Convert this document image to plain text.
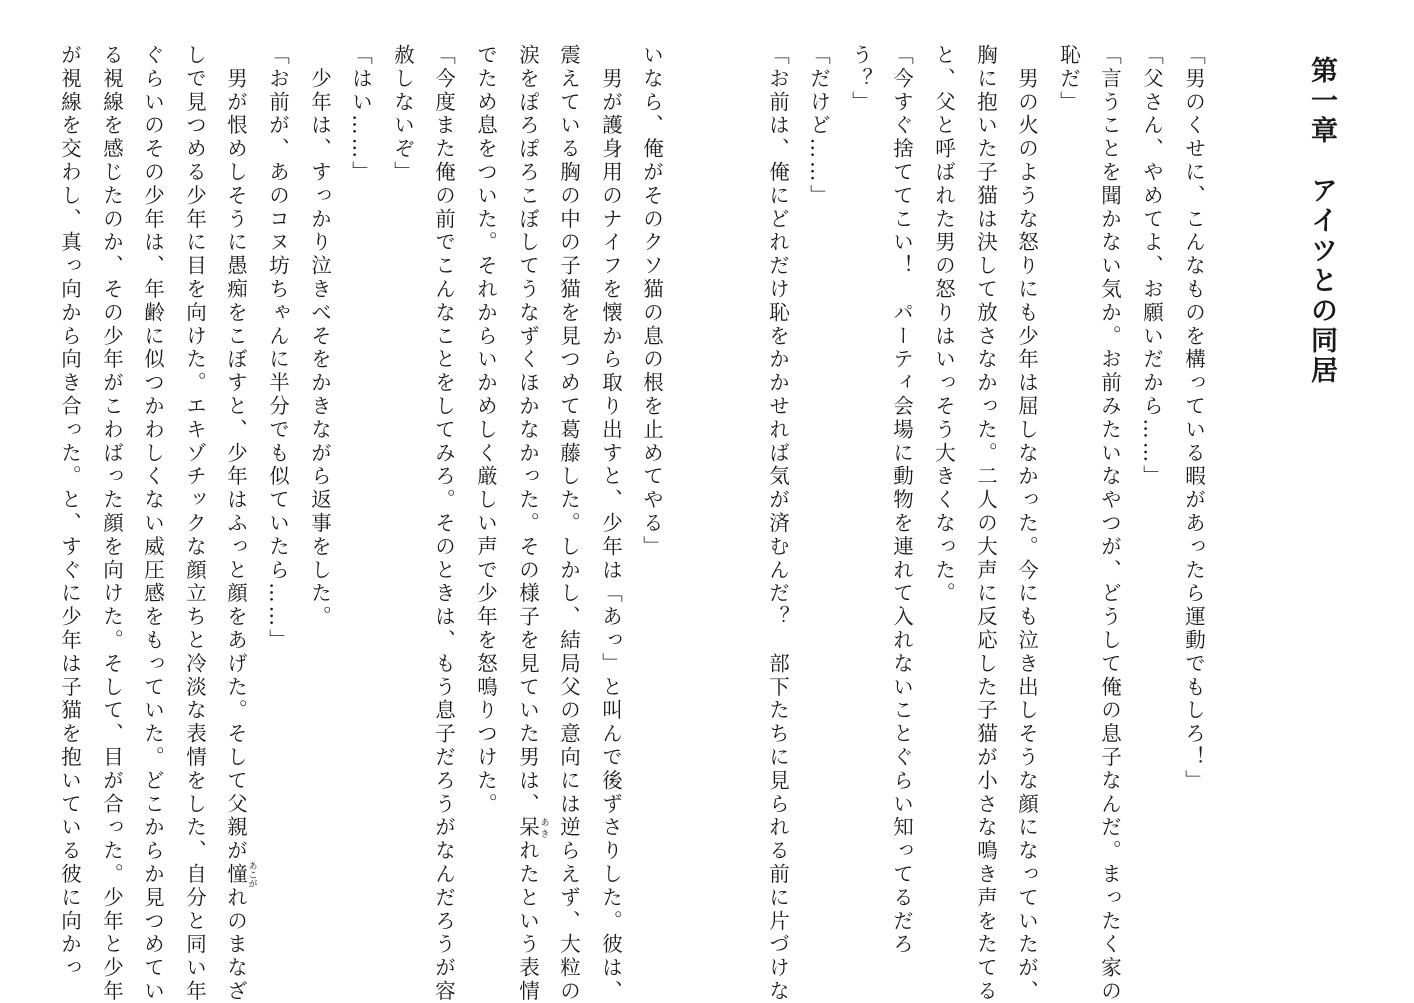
第一章　アイツとの同居
「男のくせに、こんなものを構っている暇があったら運動でもしろ！」
「父さん、やめてよ、お願いだから……」
「言うことを聞かない気か。お前みたいなやつが、どうして俺の息子なんだ。まったく家の
恥だ」
　男の火のような怒りにも少年は屈しなかった。今にも泣き出しそうな顔になっていたが、
胸に抱いた子猫は決して放さなかった。二人の大声に反応した子猫が小さな鳴き声をたてる
と、父と呼ばれた男の怒りはいっそう大きくなった。
「今すぐ捨ててこい！　パーティ会場に動物を連れて入れないことぐらい知ってるだろ
う？」
「だけど……」
「お前は、俺にどれだけ恥をかかせれば気が済むんだ？　部下たちに見られる前に片づけな
いなら、俺がそのクソ猫の息の根を止めてやる」
　男が護身用のナイフを懐から取り出すと、少年は「あっ」と叫んで後ずさりした。彼は、
震えている胸の中の子猫を見つめて葛藤した。しかし、結局父の意向には逆らえず、大粒の
涙をぽろぽろこぼしてうなずくほかなかった。その様子を見ていた男は、呆 あきれたという表情
でため息をついた。それからいかめしく厳しい声で少年を怒鳴りつけた。
「今度また俺の前でこんなことをしてみろ。そのときは、もう息子だろうがなんだろうが容
赦しないぞ」
「はい……」
　少年は、すっかり泣きべそをかきながら返事をした。
「お前が、あのコヌ坊ちゃんに半分でも似ていたら……」
　男が恨めしそうに愚痴をこぼすと、少年はふっと顔をあげた。そして父親が憧 あこがれのまなざ
しで見つめる少年に目を向けた。エキゾチックな顔立ちと冷淡な表情をした、自分と同い年
ぐらいのその少年は、年齢に似つかわしくない威圧感をもっていた。どこからか見つめてい
る視線を感じたのか、その少年がこわばった顔を向けた。そして、目が合った。少年と少年
が視線を交わし、真っ向から向き合った。と、すぐに少年は子猫を抱いている彼に向かっ
